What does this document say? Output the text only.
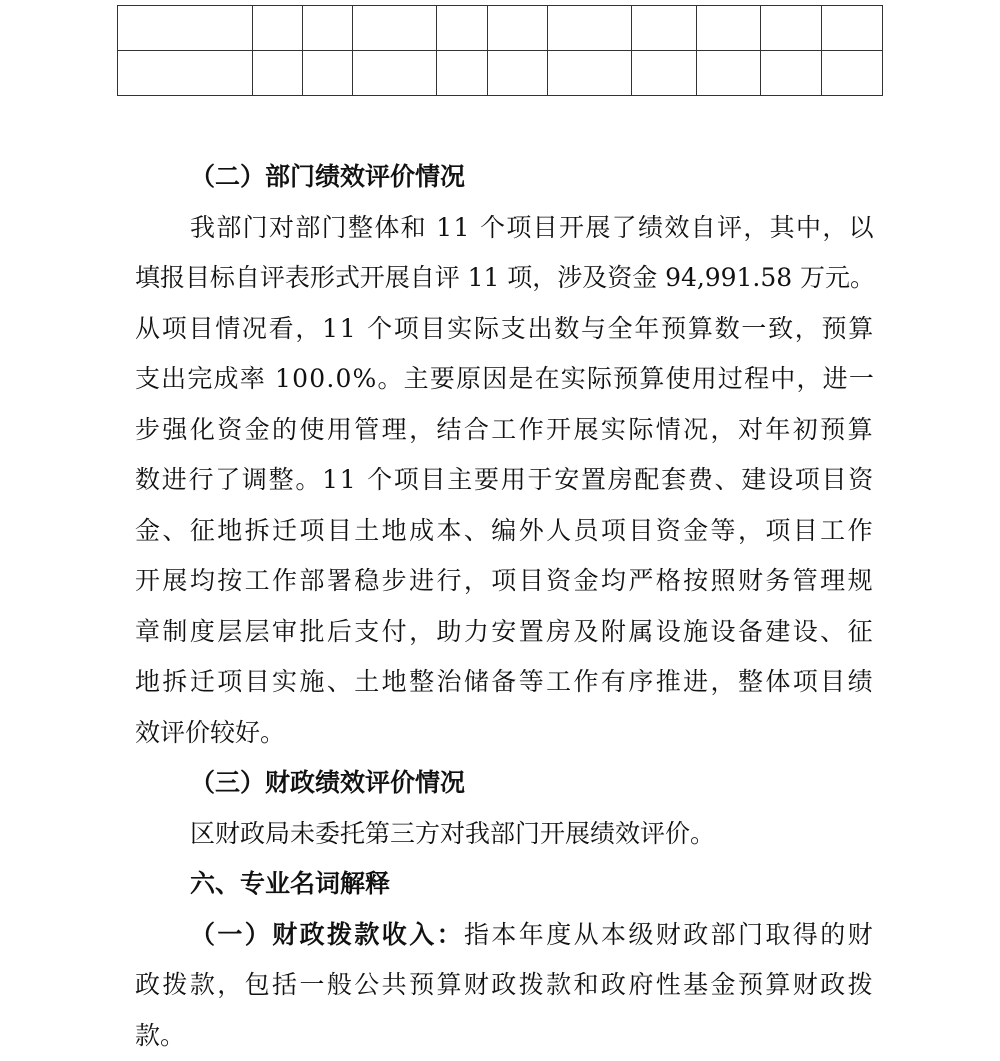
（二）部门绩效评价情况
我部门对部门整体和 11 个项目开展了绩效自评，其中，以
填报目标自评表形式开展自评 11 项，涉及资金 94,991.58 万元。
从项目情况看，11 个项目实际支出数与全年预算数一致，预算
支出完成率 100.0%。主要原因是在实际预算使用过程中，进一
步强化资金的使用管理，结合工作开展实际情况，对年初预算
数进行了调整。11 个项目主要用于安置房配套费、建设项目资
金、征地拆迁项目土地成本、编外人员项目资金等，项目工作
开展均按工作部署稳步进行，项目资金均严格按照财务管理规
章制度层层审批后支付，助力安置房及附属设施设备建设、征
地拆迁项目实施、土地整治储备等工作有序推进，整体项目绩
效评价较好。
（三）财政绩效评价情况
区财政局未委托第三方对我部门开展绩效评价。
六、专业名词解释
（一）财政拨款收入：指本年度从本级财政部门取得的财
政拨款，包括一般公共预算财政拨款和政府性基金预算财政拨
款。
